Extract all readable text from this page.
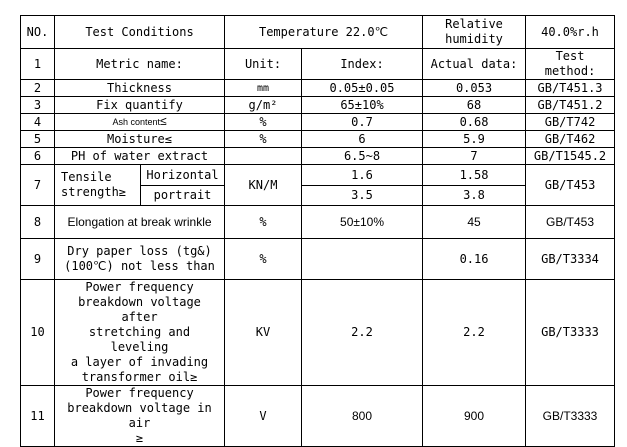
NO.	Test Conditions		Temperature 22.0℃		Relative
humidity	40.0%r.h
1	Metric name:		Unit:	Index:	Actual data:	Test method:
2	Thickness		mm	0.05±0.05	0.053	GB/T451.3
3	Fix quantify		g/m²	65±10%	68	GB/T451.2
4	Ash content≤		%	0.7	0.68	GB/T742
5	Moisture≤		%	6	5.9	GB/T462
6	PH of water extract			6.5~8	7	GB/T1545.2
7	Tensile
strength≥	Horizontal	KN/M	1.6	1.58	GB/T453
		portrait		3.5	3.8	
8	Elongation at break wrinkle		%	50±10%	45	GB/T453
9	Dry paper loss (tg&)
(100℃) not less than		%		0.16	GB/T3334
10	Power frequency
breakdown voltage after
stretching and leveling
a layer of invading
transformer oil≥		KV	2.2	2.2	GB/T3333
11	Power frequency
breakdown voltage in air
≥		V	800	900	GB/T3333
